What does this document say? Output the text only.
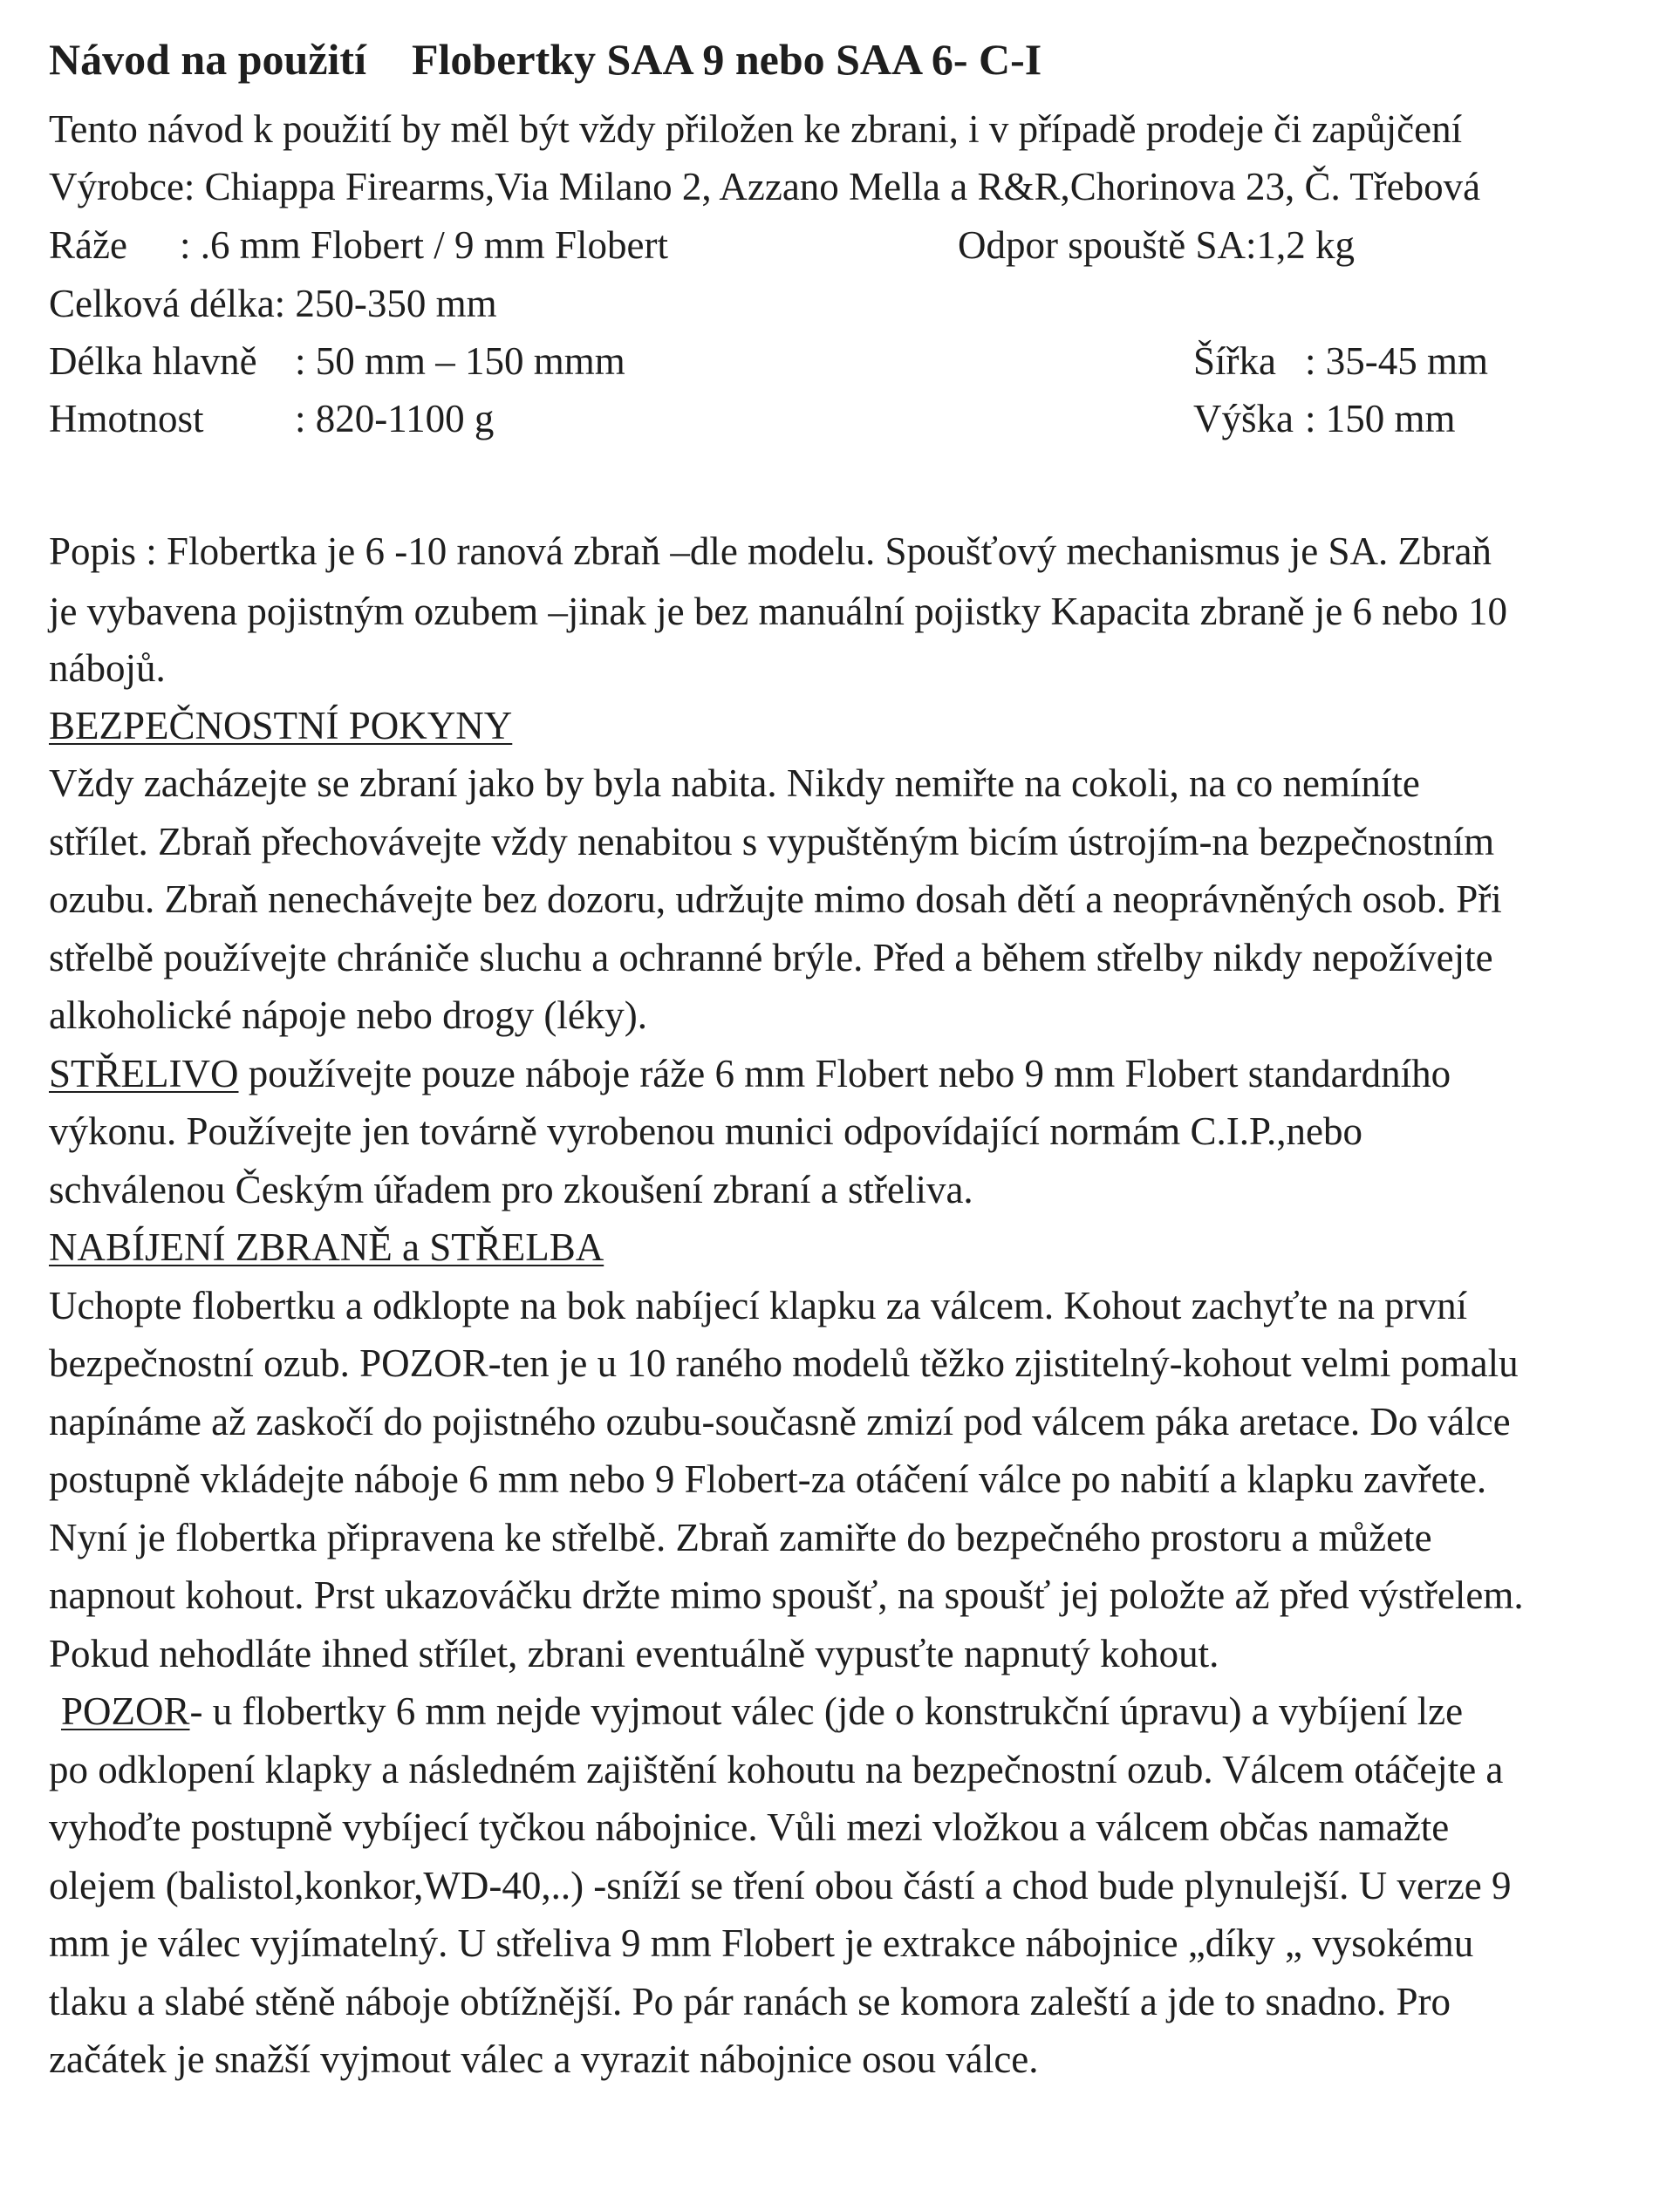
Návod na použití Flobertky SAA 9 nebo SAA 6- C-I
Tento návod k použití by měl být vždy přiložen ke zbrani, i v případě prodeje či zapůjčení
Výrobce: Chiappa Firearms,Via Milano 2, Azzano Mella a R&R,Chorinova 23, Č. Třebová
Ráže : .6 mm Flobert / 9 mm Flobert	Odpor spouště SA:1,2 kg
Celková délka: 250-350 mm
Délka hlavně : 50 mm – 150 mmm	Šířka : 35-45 mm
Hmotnost : 820-1100 g	Výška : 150 mm
Popis : Flobertka je 6 -10 ranová zbraň –dle modelu. Spoušťový mechanismus je SA. Zbraň
je vybavena pojistným ozubem –jinak je bez manuální pojistky Kapacita zbraně je 6 nebo 10
nábojů.
BEZPEČNOSTNÍ POKYNY
Vždy zacházejte se zbraní jako by byla nabita. Nikdy nemiřte na cokoli, na co nemíníte
střílet. Zbraň přechovávejte vždy nenabitou s vypuštěným bicím ústrojím-na bezpečnostním
ozubu. Zbraň nenechávejte bez dozoru, udržujte mimo dosah dětí a neoprávněných osob. Při
střelbě používejte chrániče sluchu a ochranné brýle. Před a během střelby nikdy nepožívejte
alkoholické nápoje nebo drogy (léky).
STŘELIVO používejte pouze náboje ráže 6 mm Flobert nebo 9 mm Flobert standardního
výkonu. Používejte jen továrně vyrobenou munici odpovídající normám C.I.P.,nebo
schválenou Českým úřadem pro zkoušení zbraní a střeliva.
NABÍJENÍ ZBRANĚ a STŘELBA
Uchopte flobertku a odklopte na bok nabíjecí klapku za válcem. Kohout zachyťte na první
bezpečnostní ozub. POZOR-ten je u 10 raného modelů těžko zjistitelný-kohout velmi pomalu
napínáme až zaskočí do pojistného ozubu-současně zmizí pod válcem páka aretace. Do válce
postupně vkládejte náboje 6 mm nebo 9 Flobert-za otáčení válce po nabití a klapku zavřete.
Nyní je flobertka připravena ke střelbě. Zbraň zamiřte do bezpečného prostoru a můžete
napnout kohout. Prst ukazováčku držte mimo spoušť, na spoušť jej položte až před výstřelem.
Pokud nehodláte ihned střílet, zbrani eventuálně vypusťte napnutý kohout.
POZOR- u flobertky 6 mm nejde vyjmout válec (jde o konstrukční úpravu) a vybíjení lze
po odklopení klapky a následném zajištění kohoutu na bezpečnostní ozub. Válcem otáčejte a
vyhoďte postupně vybíjecí tyčkou nábojnice. Vůli mezi vložkou a válcem občas namažte
olejem (balistol,konkor,WD-40,..) -sníží se tření obou částí a chod bude plynulejší. U verze 9
mm je válec vyjímatelný. U střeliva 9 mm Flobert je extrakce nábojnice „díky „ vysokému
tlaku a slabé stěně náboje obtížnější. Po pár ranách se komora zaleští a jde to snadno. Pro
začátek je snažší vyjmout válec a vyrazit nábojnice osou válce.
